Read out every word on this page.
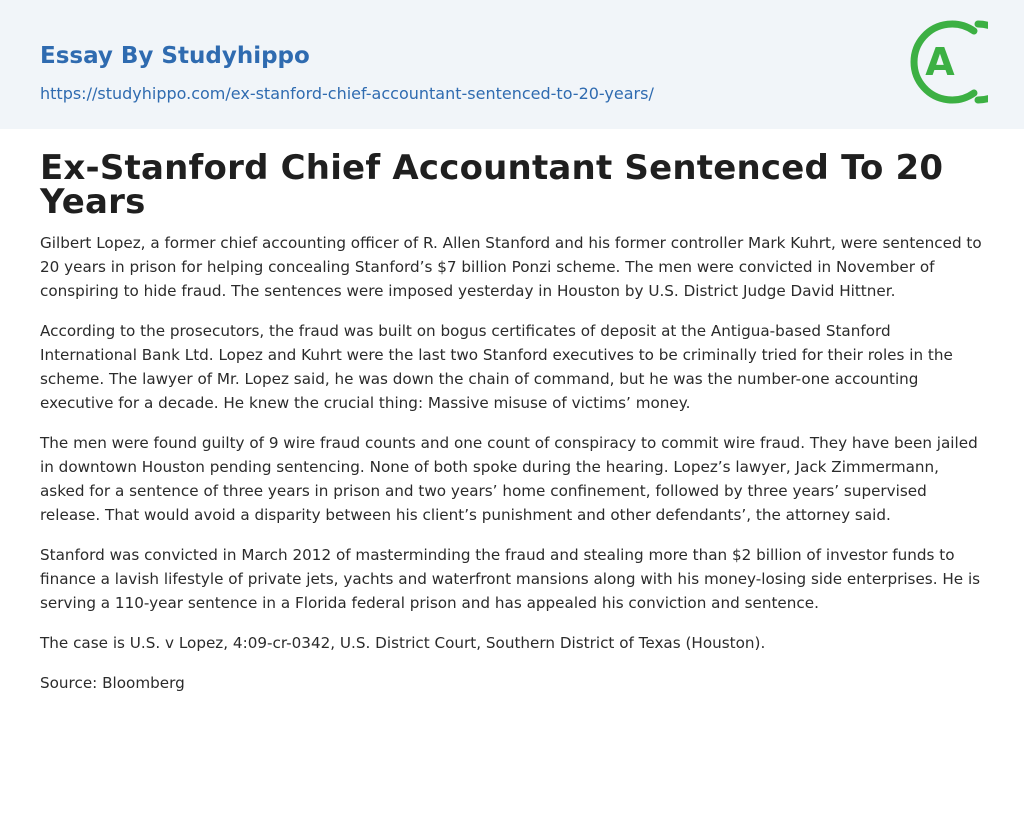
Essay By Studyhippo
https://studyhippo.com/ex-stanford-chief-accountant-sentenced-to-20-years/
A
Ex-Stanford Chief Accountant Sentenced To 20 Years

Gilbert Lopez, a former chief accounting officer of R. Allen Stanford and his former controller Mark Kuhrt, were sentenced to 20 years in prison for helping concealing Stanford’s $7 billion Ponzi scheme. The men were convicted in November of conspiring to hide fraud. The sentences were imposed yesterday in Houston by U.S. District Judge David Hittner.

According to the prosecutors, the fraud was built on bogus certificates of deposit at the Antigua-based Stanford International Bank Ltd. Lopez and Kuhrt were the last two Stanford executives to be criminally tried for their roles in the scheme. The lawyer of Mr. Lopez said, he was down the chain of command, but he was the number-one accounting executive for a decade. He knew the crucial thing: Massive misuse of victims’ money.

The men were found guilty of 9 wire fraud counts and one count of conspiracy to commit wire fraud. They have been jailed in downtown Houston pending sentencing. None of both spoke during the hearing. Lopez’s lawyer, Jack Zimmermann, asked for a sentence of three years in prison and two years’ home confinement, followed by three years’ supervised release. That would avoid a disparity between his client’s punishment and other defendants’, the attorney said.

Stanford was convicted in March 2012 of masterminding the fraud and stealing more than $2 billion of investor funds to finance a lavish lifestyle of private jets, yachts and waterfront mansions along with his money-losing side enterprises. He is serving a 110-year sentence in a Florida federal prison and has appealed his conviction and sentence.

The case is U.S. v Lopez, 4:09-cr-0342, U.S. District Court, Southern District of Texas (Houston).

Source: Bloomberg
